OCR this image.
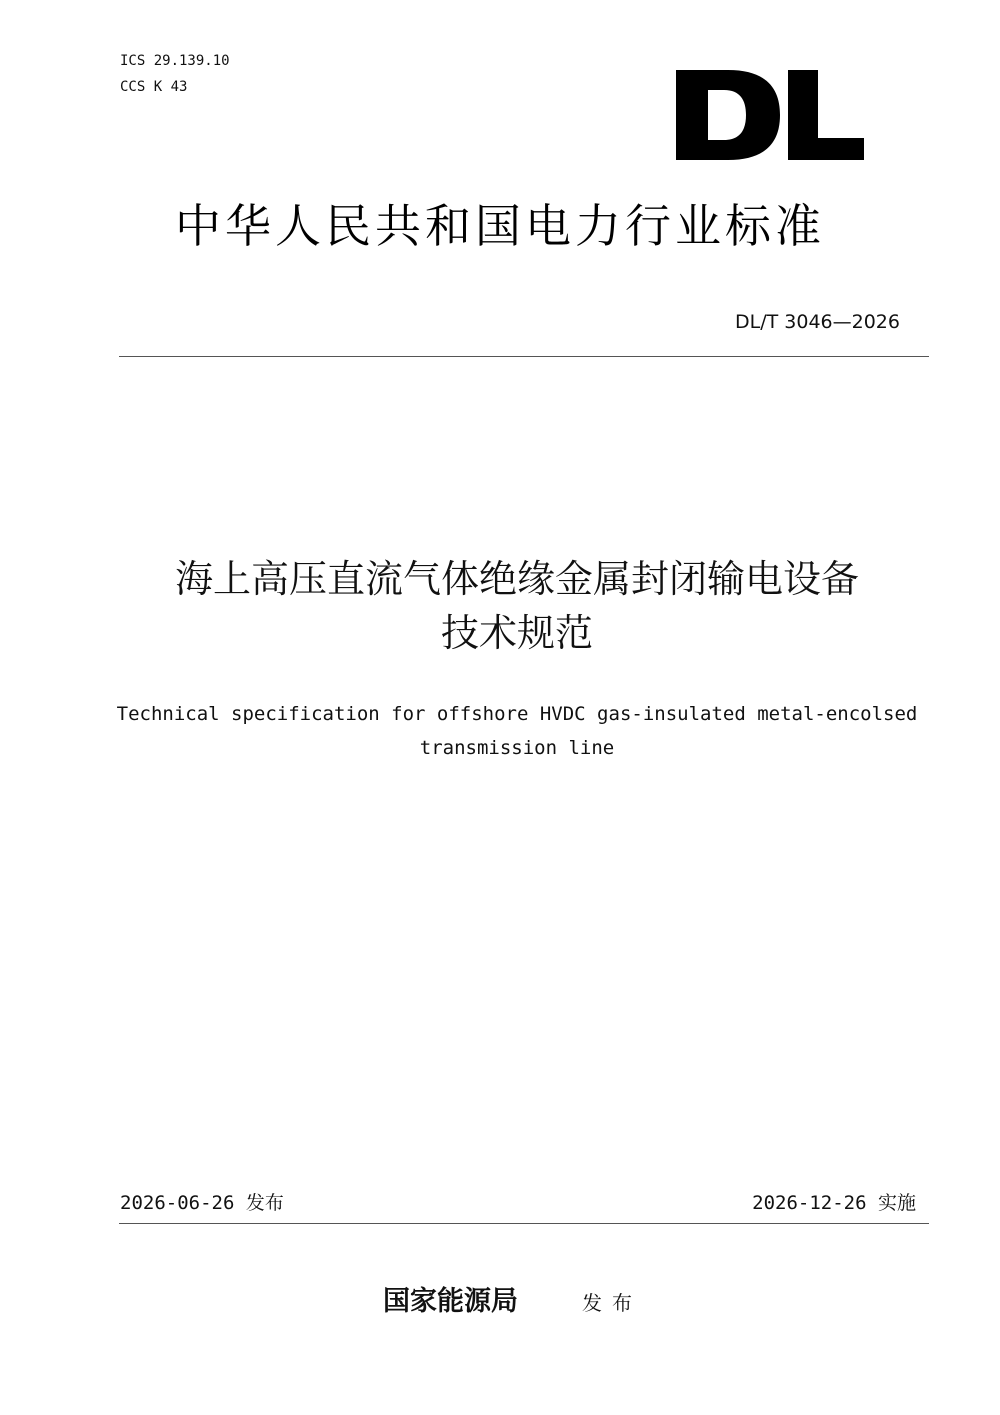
ICS 29.139.10
CCS K 43
中华人民共和国电力行业标准
DL/T 3046—2026
海上高压直流气体绝缘金属封闭输电设备
技术规范
Technical specification for offshore HVDC gas-insulated metal-encolsed
transmission line
2026-06-26 发布	2026-12-26 实施
国家能源局	发布
